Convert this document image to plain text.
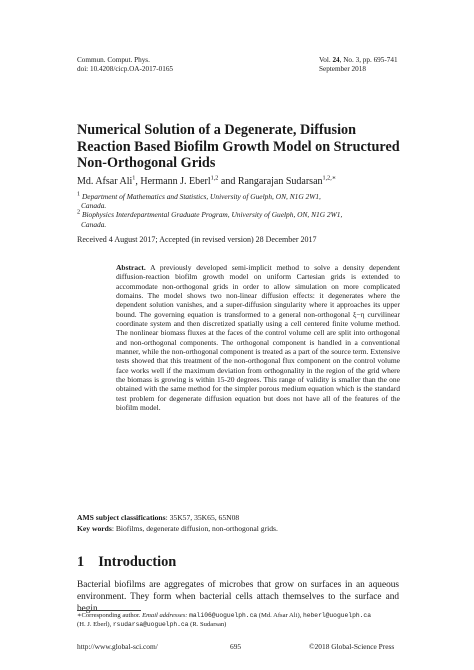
Commun. Comput. Phys.
doi: 10.4208/cicp.OA-2017-0165
Vol. 24, No. 3, pp. 695-741
September 2018
Numerical Solution of a Degenerate, Diffusion
Reaction Based Biofilm Growth Model on Structured
Non-Orthogonal Grids
Md. Afsar Ali$^1$, Hermann J. Eberl$^{1,2}$ and Rangarajan Sudarsan$^{1,2,∗}$
$^1$ Department of Mathematics and Statistics, University of Guelph, ON, N1G 2W1,
Canada.
$^2$ Biophysics Interdepartmental Graduate Program, University of Guelph, ON, N1G 2W1,
Canada.
Received 4 August 2017; Accepted (in revised version) 28 December 2017
Abstract. A previously developed semi-implicit method to solve a density dependent diffusion-reaction biofilm growth model on uniform Cartesian grids is extended to accommodate non-orthogonal grids in order to allow simulation on more complicated domains. The model shows two non-linear diffusion effects: it degenerates where the dependent solution vanishes, and a super-diffusion singularity where it approaches its upper bound. The governing equation is transformed to a general non-orthogonal ξ−η curvilinear coordinate system and then discretized spatially using a cell centered finite volume method. The nonlinear biomass fluxes at the faces of the control volume cell are split into orthogonal and non-orthogonal components. The orthogonal component is handled in a conventional manner, while the non-orthogonal component is treated as a part of the source term. Extensive tests showed that this treatment of the non-orthogonal flux component on the control volume face works well if the maximum deviation from orthogonality in the region of the grid where the biomass is growing is within 15-20 degrees. This range of validity is smaller than the one obtained with the same method for the simpler porous medium equation which is the standard test problem for degenerate diffusion equation but does not have all of the features of the biofilm model.
AMS subject classifications: 35K57, 35K65, 65N08
Key words: Biofilms, degenerate diffusion, non-orthogonal grids.
1 Introduction
Bacterial biofilms are aggregates of microbes that grow on surfaces in an aqueous environment. They form when bacterial cells attach themselves to the surface and begin
∗Corresponding author. Email addresses: mali06@uoguelph.ca (Md. Afsar Ali), heberl@uoguelph.ca
(H. J. Eberl), rsudarsa@uoguelph.ca (R. Sudarsan)
http://www.global-sci.com/	695	©2018 Global-Science Press
